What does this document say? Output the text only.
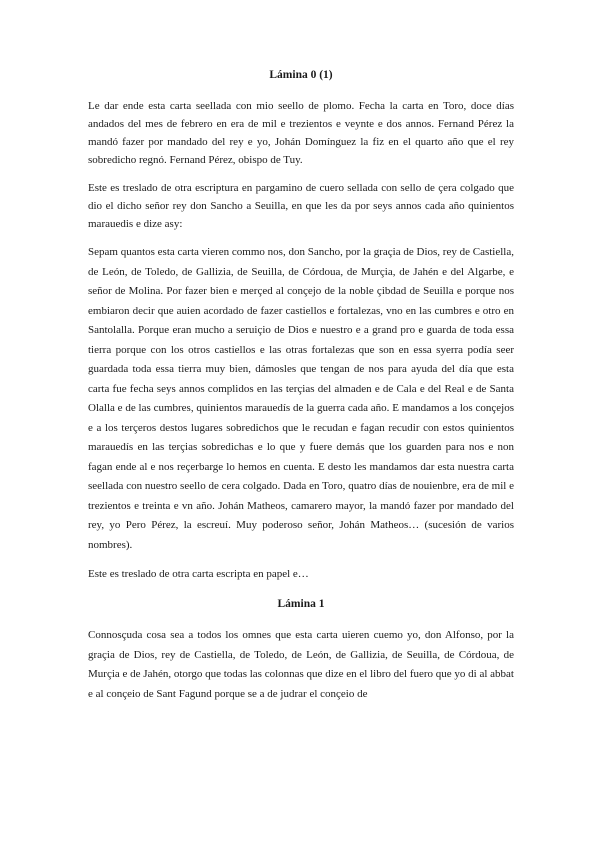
Lámina 0 (1)

Le dar ende esta carta seellada con mio seello de plomo. Fecha la carta en Toro, doce días andados del mes de febrero en era de mil e trezientos e veynte e dos annos. Fernand Pérez la mandó fazer por mandado del rey e yo, Johán Domínguez la fiz en el quarto año que el rey sobredicho regnó. Fernand Pérez, obispo de Tuy.

Este es treslado de otra escriptura en pargamino de cuero sellada con sello de çera colgado que dio el dicho señor rey don Sancho a Seuilla, en que les da por seys annos cada año quinientos marauedis e dize asy:

Sepam quantos esta carta vieren commo nos, don Sancho, por la graçia de Dios, rey de Castiella, de León, de Toledo, de Gallizia, de Seuilla, de Córdoua, de Murçia, de Jahén e del Algarbe, e señor de Molina. Por fazer bien e merçed al conçejo de la noble çibdad de Seuilla e porque nos embiaron decir que auien acordado de fazer castiellos e fortalezas, vno en las cumbres e otro en Santolalla. Porque eran mucho a seruiçio de Dios e nuestro e a grand pro e guarda de toda essa tierra porque con los otros castiellos e las otras fortalezas que son en essa syerra podía seer guardada toda essa tierra muy bien, dámosles que tengan de nos para ayuda del día que esta carta fue fecha seys annos complidos en las terçias del almaden e de Cala e del Real e de Santa Olalla e de las cumbres, quinientos marauedís de la guerra cada año. E mandamos a los conçejos e a los terçeros destos lugares sobredichos que le recudan e fagan recudir con estos quinientos marauedís en las terçias sobredichas e lo que y fuere demás que los guarden para nos e non fagan ende al e nos reçerbarge lo hemos en cuenta. E desto les mandamos dar esta nuestra carta seellada con nuestro seello de cera colgado. Dada en Toro, quatro días de nouienbre, era de mil e trezientos e treinta e vn año. Johán Matheos, camarero mayor, la mandó fazer por mandado del rey, yo Pero Pérez, la escreuí. Muy poderoso señor, Johán Matheos… (sucesión de varios nombres).

Este es treslado de otra carta escripta en papel e…

Lámina 1

Connosçuda cosa sea a todos los omnes que esta carta uieren cuemo yo, don Alfonso, por la graçia de Dios, rey de Castiella, de Toledo, de León, de Gallizia, de Seuilla, de Córdoua, de Murçia e de Jahén, otorgo que todas las colonnas que dize en el libro del fuero que yo di al abbat e al conçeio de Sant Fagund porque se a de judrar el conçeio de
